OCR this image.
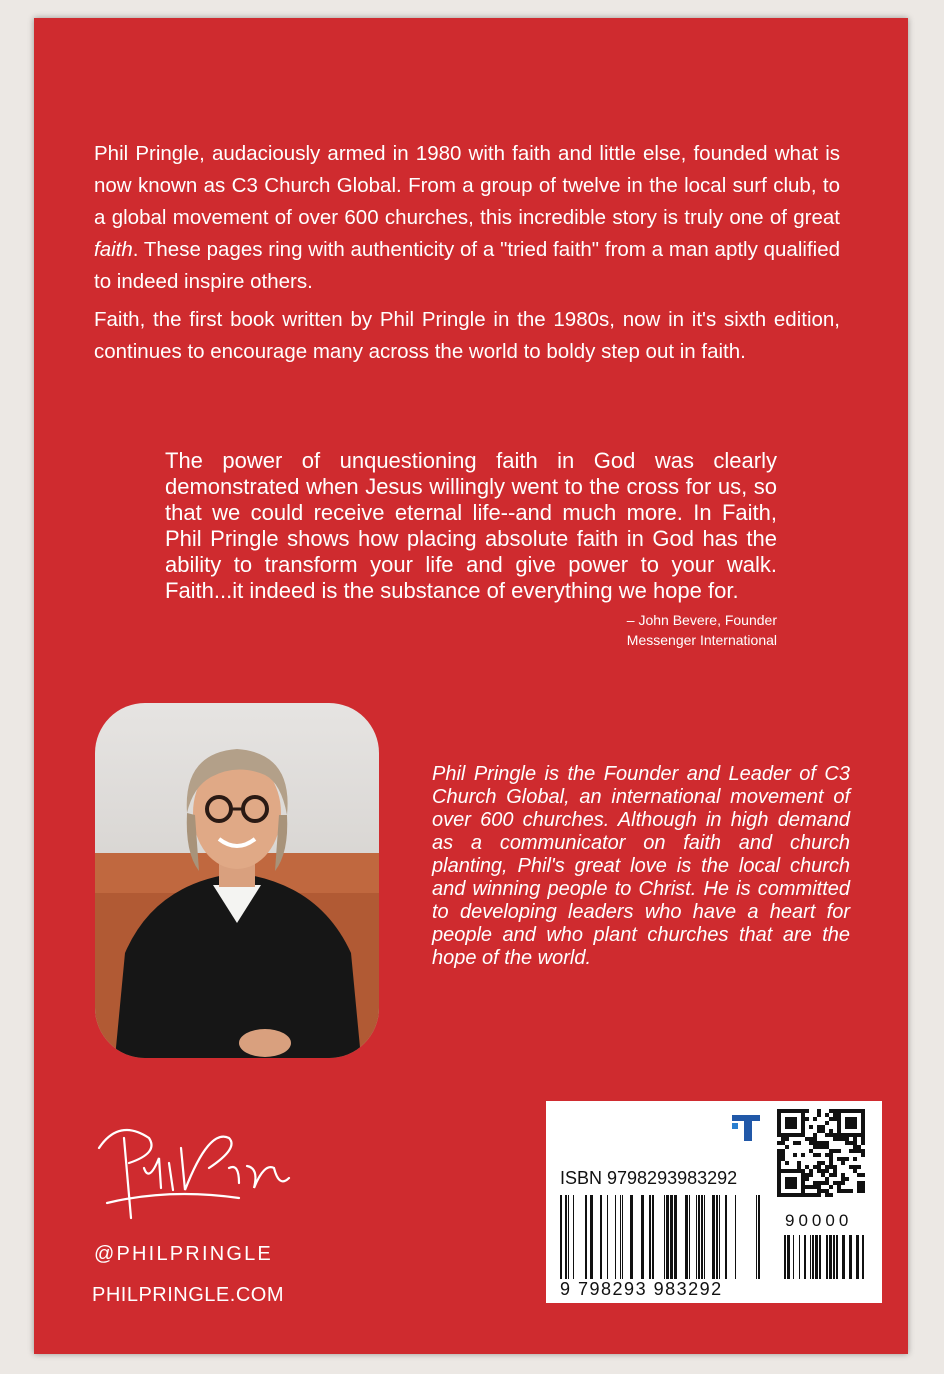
Phil Pringle, audaciously armed in 1980 with faith and little else, founded what is now known as C3 Church Global. From a group of twelve in the local surf club, to a global movement of over 600 churches, this incredible story is truly one of great faith. These pages ring with authenticity of a "tried faith" from a man aptly qualified to indeed inspire others.

Faith, the first book written by Phil Pringle in the 1980s, now in it's sixth edition, continues to encourage many across the world to boldy step out in faith.

The power of unquestioning faith in God was clearly demonstrated when Jesus willingly went to the cross for us, so that we could receive eternal life--and much more. In Faith, Phil Pringle shows how placing absolute faith in God has the ability to transform your life and give power to your walk. Faith...it indeed is the substance of everything we hope for.

– John Bevere, Founder
Messenger International
Phil Pringle is the Founder and Leader of C3 Church Global, an international movement of over 600 churches. Although in high demand as a communicator on faith and church planting, Phil's great love is the local church and winning people to Christ. He is committed to developing leaders who have a heart for people and who plant churches that are the hope of the world.
@PHILPRINGLE
PHILPRINGLE.COM
ISBN 9798293983292
90000
9 798293 983292
